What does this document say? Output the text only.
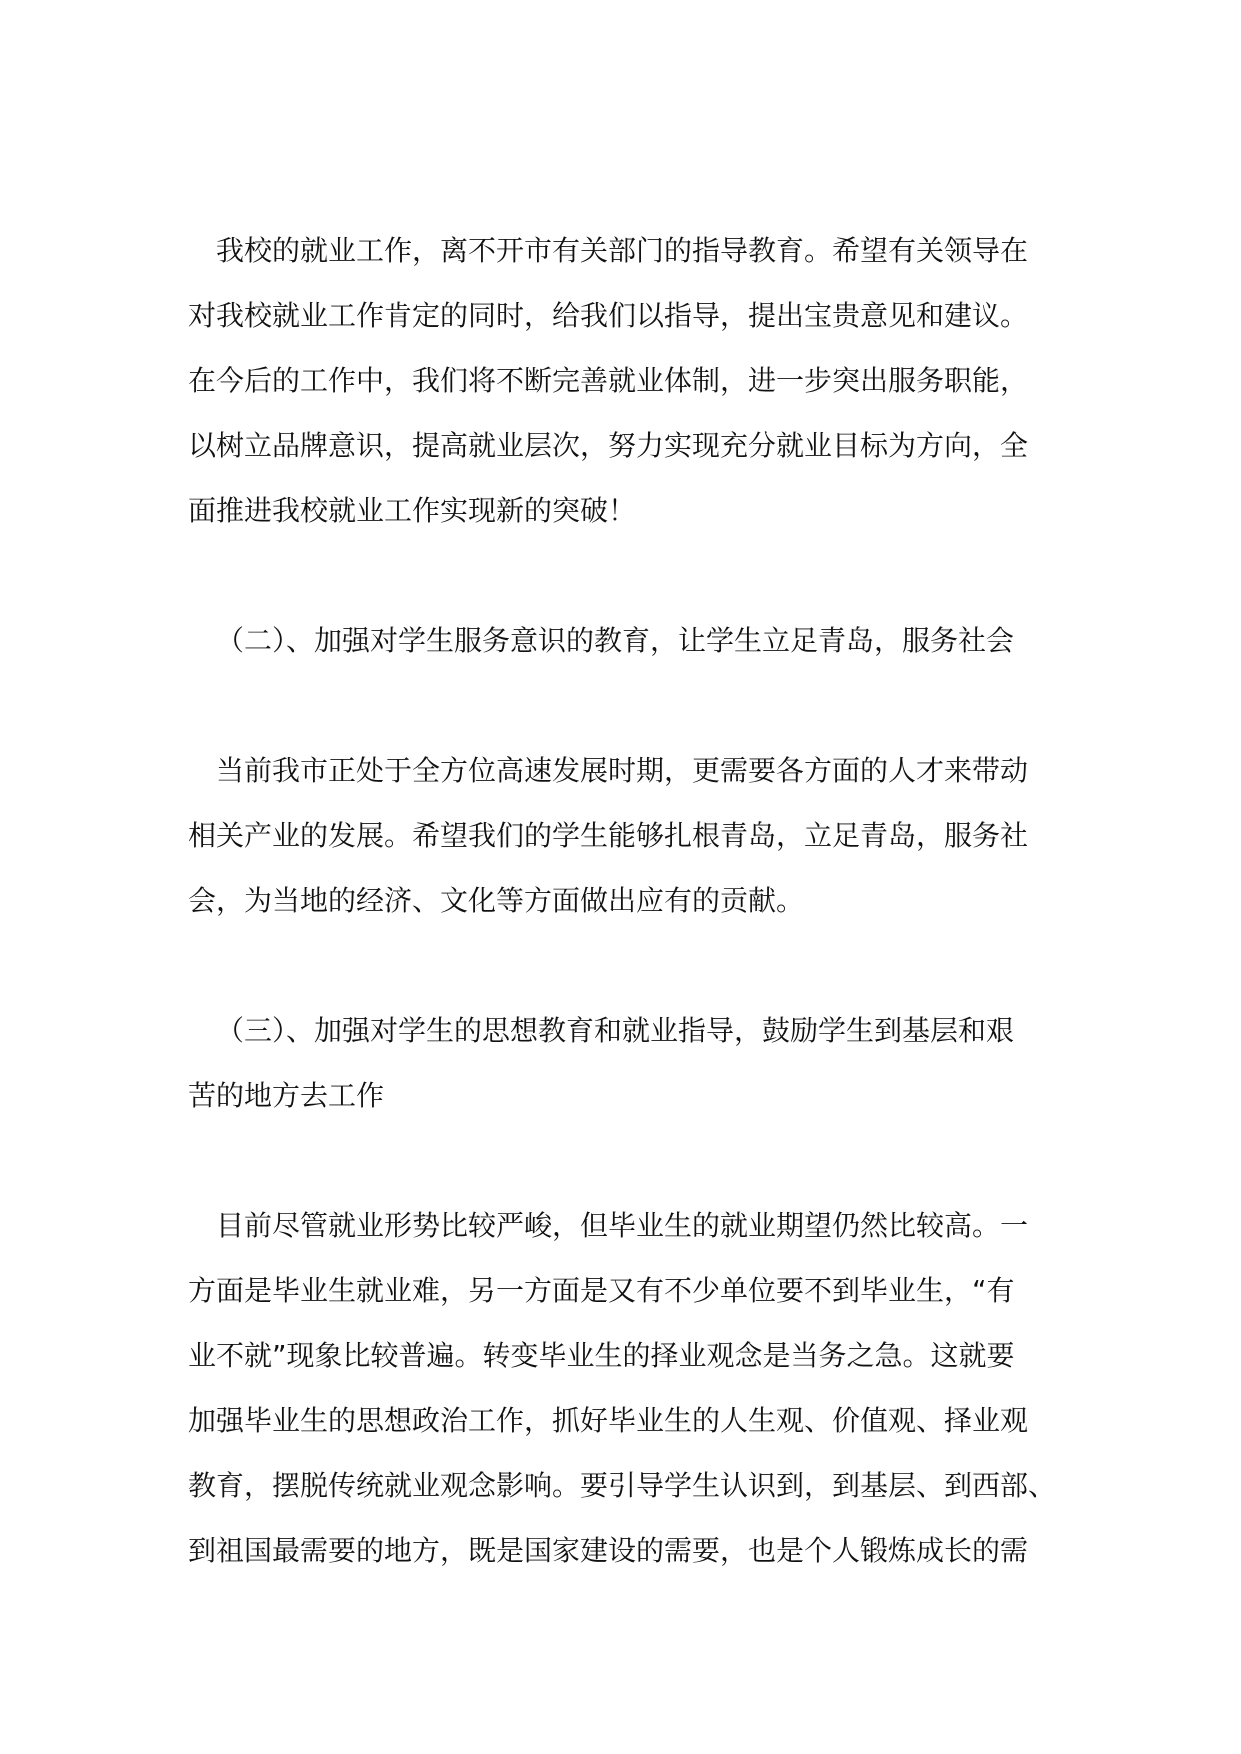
我校的就业工作，离不开市有关部门的指导教育。希望有关领导在
对我校就业工作肯定的同时，给我们以指导，提出宝贵意见和建议。
在今后的工作中，我们将不断完善就业体制，进一步突出服务职能，
以树立品牌意识，提高就业层次，努力实现充分就业目标为方向，全
面推进我校就业工作实现新的突破！
（二）、加强对学生服务意识的教育，让学生立足青岛，服务社会
当前我市正处于全方位高速发展时期，更需要各方面的人才来带动
相关产业的发展。希望我们的学生能够扎根青岛，立足青岛，服务社
会，为当地的经济、文化等方面做出应有的贡献。
（三）、加强对学生的思想教育和就业指导，鼓励学生到基层和艰
苦的地方去工作
目前尽管就业形势比较严峻，但毕业生的就业期望仍然比较高。一
方面是毕业生就业难，另一方面是又有不少单位要不到毕业生，“有
业不就”现象比较普遍。转变毕业生的择业观念是当务之急。这就要
加强毕业生的思想政治工作，抓好毕业生的人生观、价值观、择业观
教育，摆脱传统就业观念影响。要引导学生认识到，到基层、到西部、
到祖国最需要的地方，既是国家建设的需要，也是个人锻炼成长的需
